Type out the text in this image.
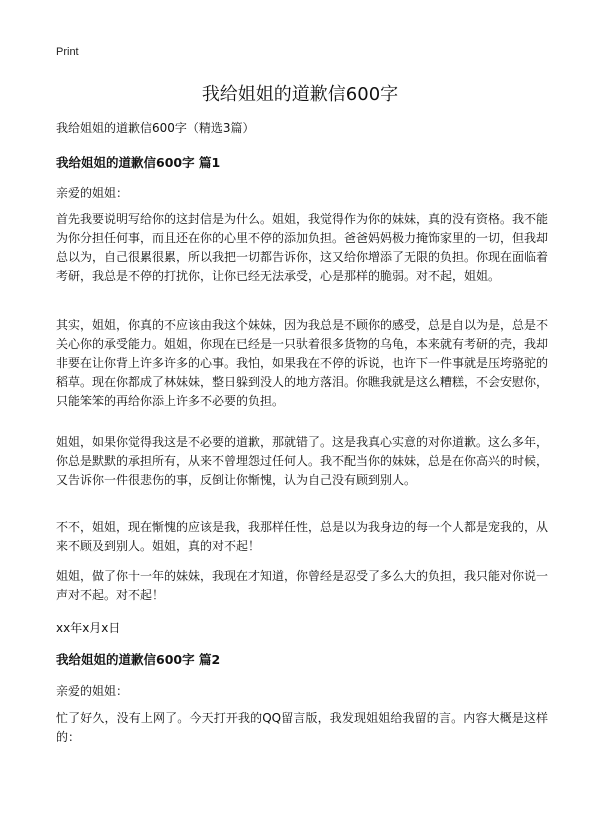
Print
我给姐姐的道歉信600字
我给姐姐的道歉信600字（精选3篇）
我给姐姐的道歉信600字 篇1
亲爱的姐姐：
首先我要说明写给你的这封信是为什么。姐姐，我觉得作为你的妹妹，真的没有资格。我不能为你分担任何事，而且还在你的心里不停的添加负担。爸爸妈妈极力掩饰家里的一切，但我却总以为，自己很累很累，所以我把一切都告诉你，这又给你增添了无限的负担。你现在面临着考研，我总是不停的打扰你，让你已经无法承受，心是那样的脆弱。对不起，姐姐。
其实，姐姐，你真的不应该由我这个妹妹，因为我总是不顾你的感受，总是自以为是，总是不关心你的承受能力。姐姐，你现在已经是一只驮着很多货物的乌龟，本来就有考研的壳，我却非要在让你背上许多许多的心事。我怕，如果我在不停的诉说，也许下一件事就是压垮骆驼的稻草。现在你都成了林妹妹，整日躲到没人的地方落泪。你瞧我就是这么糟糕，不会安慰你，只能笨笨的再给你添上许多不必要的负担。
姐姐，如果你觉得我这是不必要的道歉，那就错了。这是我真心实意的对你道歉。这么多年，你总是默默的承担所有，从来不曾埋怨过任何人。我不配当你的妹妹，总是在你高兴的时候，又告诉你一件很悲伤的事，反倒让你惭愧，认为自己没有顾到别人。
不不，姐姐，现在惭愧的应该是我，我那样任性，总是以为我身边的每一个人都是宠我的，从来不顾及到别人。姐姐，真的对不起！
姐姐，做了你十一年的妹妹，我现在才知道，你曾经是忍受了多么大的负担，我只能对你说一声对不起。对不起！
xx年x月x日
我给姐姐的道歉信600字 篇2
亲爱的姐姐：
忙了好久，没有上网了。今天打开我的QQ留言版，我发现姐姐给我留的言。内容大概是这样的：
